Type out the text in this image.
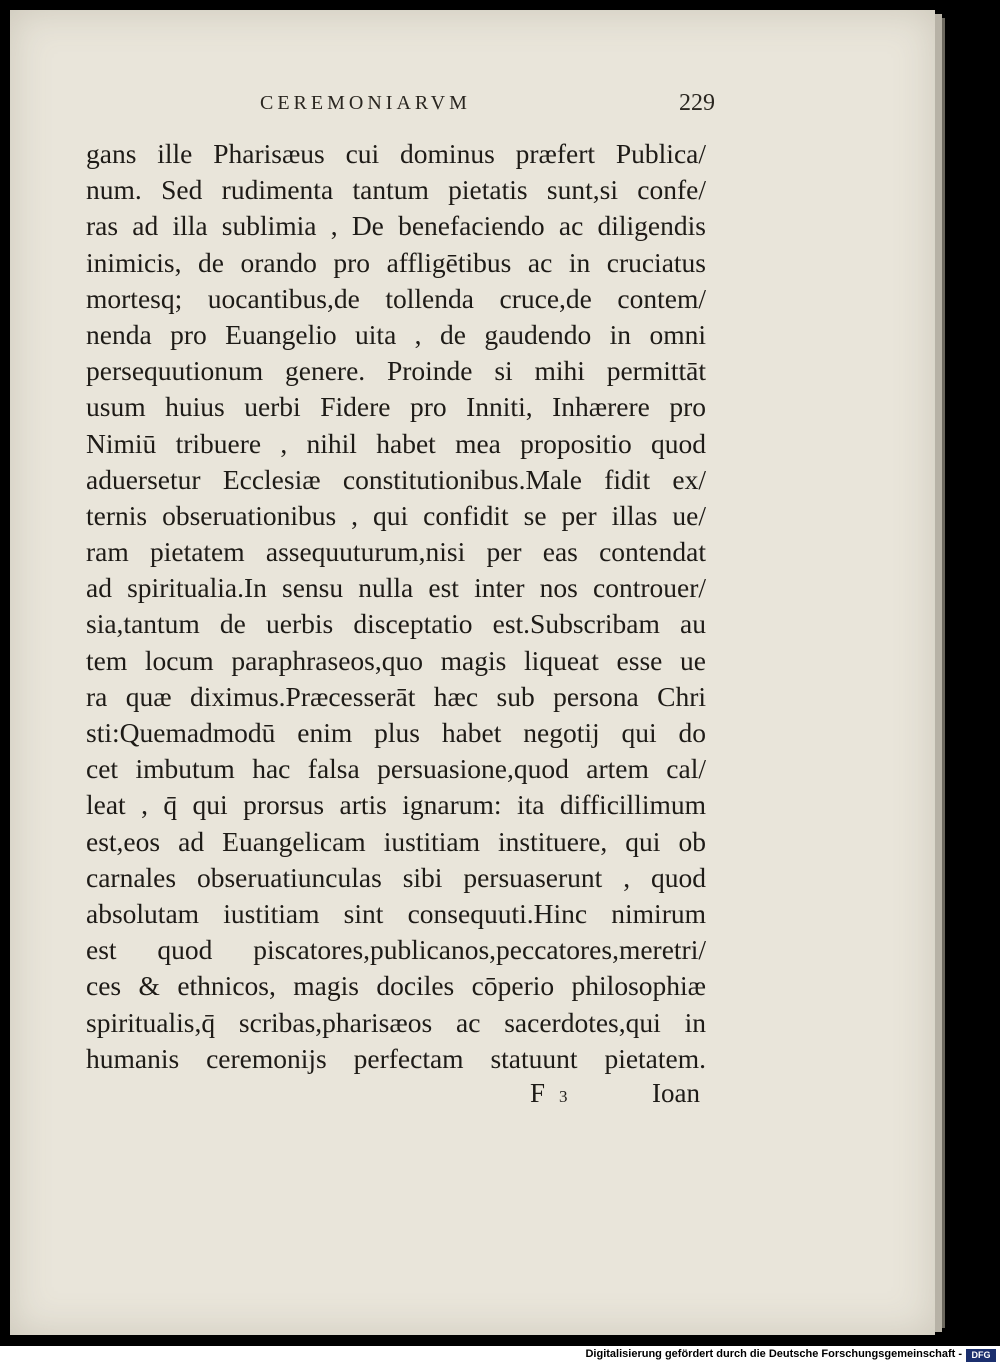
CEREMONIARVM	229
gans ille Pharisæus cui dominus præfert Publica/
num. Sed rudimenta tantum pietatis sunt,si confe/
ras ad illa sublimia , De benefaciendo ac diligendis
inimicis, de orando pro affligētibus ac in cruciatus
mortesq; uocantibus,de tollenda cruce,de contem/
nenda pro Euangelio uita , de gaudendo in omni
persequutionum genere. Proinde si mihi permittāt
usum huius uerbi Fidere pro Inniti, Inhærere pro
Nimiū tribuere , nihil habet mea propositio quod
aduersetur Ecclesiæ constitutionibus.Male fidit ex/
ternis obseruationibus , qui confidit se per illas ue/
ram pietatem assequuturum,nisi per eas contendat
ad spiritualia.In sensu nulla est inter nos controuer/
sia,tantum de uerbis disceptatio est.Subscribam au
tem locum paraphraseos,quo magis liqueat esse ue
ra quæ diximus.Præcesserāt hæc sub persona Chri
sti:Quemadmodū enim plus habet negotij qui do
cet imbutum hac falsa persuasione,quod artem cal/
leat , q̄ qui prorsus artis ignarum: ita difficillimum
est,eos ad Euangelicam iustitiam instituere, qui ob
carnales obseruatiunculas sibi persuaserunt , quod
absolutam iustitiam sint consequuti.Hinc nimirum
est quod piscatores,publicanos,peccatores,meretri/
ces & ethnicos, magis dociles cōperio philosophiæ
spiritualis,q̄ scribas,pharisæos ac sacerdotes,qui in
humanis ceremonijs perfectam statuunt pietatem.
F 3	Ioan
Digitalisierung gefördert durch die Deutsche Forschungsgemeinschaft -	DFG
